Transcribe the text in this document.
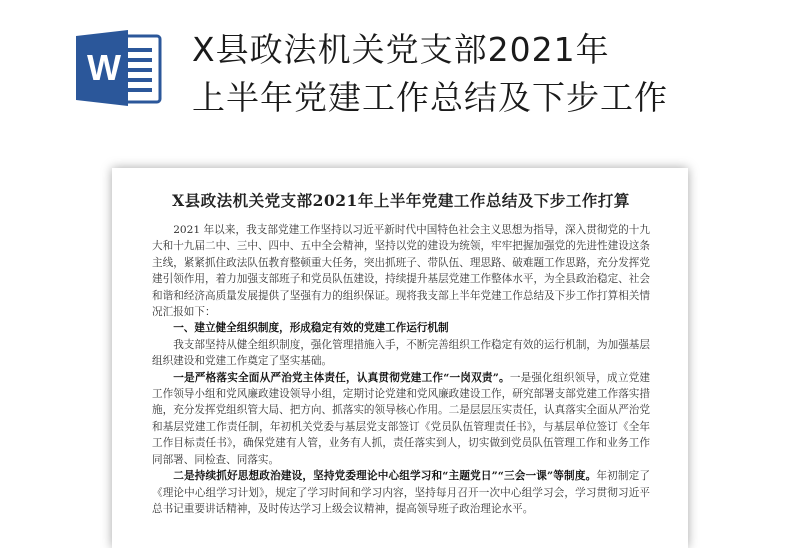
W X县政法机关党支部2021年
上半年党建工作总结及下步工作
X县政法机关党支部2021年上半年党建工作总结及下步工作打算

2021 年以来，我支部党建工作坚持以习近平新时代中国特色社会主义思想为指导，深入贯彻党的十九大和十九届二中、三中、四中、五中全会精神，坚持以党的建设为统领，牢牢把握加强党的先进性建设这条主线，紧紧抓住政法队伍教育整顿重大任务，突出抓班子、带队伍、理思路、破难题工作思路，充分发挥党建引领作用，着力加强支部班子和党员队伍建设，持续提升基层党建工作整体水平，为全县政治稳定、社会和谐和经济高质量发展提供了坚强有力的组织保证。现将我支部上半年党建工作总结及下步工作打算相关情况汇报如下：

一、建立健全组织制度，形成稳定有效的党建工作运行机制

我支部坚持从健全组织制度，强化管理措施入手，不断完善组织工作稳定有效的运行机制，为加强基层组织建设和党建工作奠定了坚实基础。

一是严格落实全面从严治党主体责任，认真贯彻党建工作“一岗双责”。一是强化组织领导，成立党建工作领导小组和党风廉政建设领导小组，定期讨论党建和党风廉政建设工作，研究部署支部党建工作落实措施，充分发挥党组织管大局、把方向、抓落实的领导核心作用。二是层层压实责任，认真落实全面从严治党和基层党建工作责任制，年初机关党委与基层党支部签订《党员队伍管理责任书》，与基层单位签订《全年工作目标责任书》，确保党建有人管，业务有人抓，责任落实到人，切实做到党员队伍管理工作和业务工作同部署、同检查、同落实。

二是持续抓好思想政治建设，坚持党委理论中心组学习和“主题党日”“三会一课”等制度。年初制定了《理论中心组学习计划》，规定了学习时间和学习内容，坚持每月召开一次中心组学习会，学习贯彻习近平总书记重要讲话精神，及时传达学习上级会议精神，提高领导班子政治理论水平。
